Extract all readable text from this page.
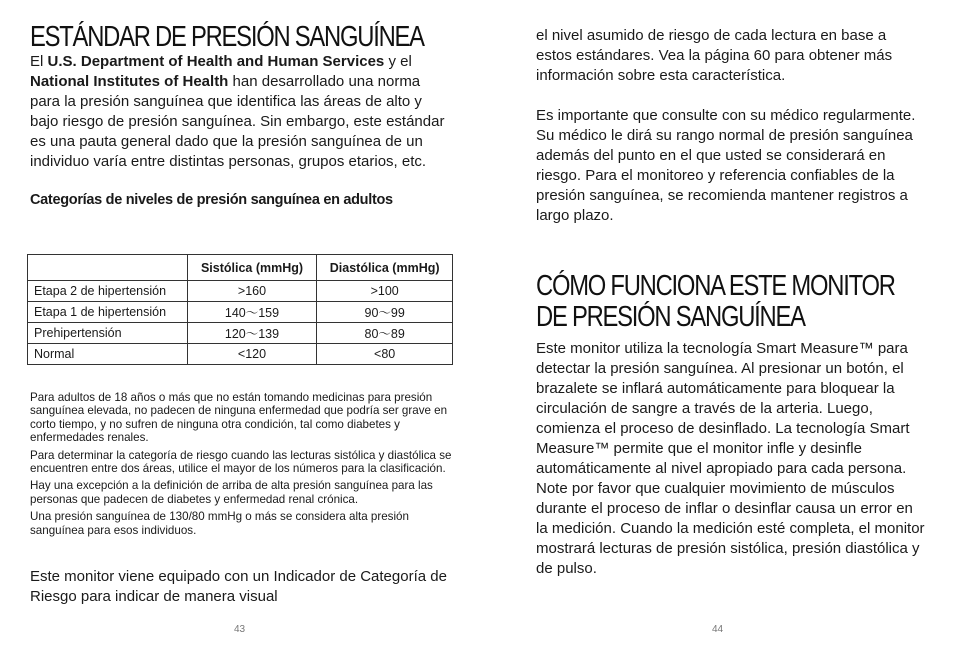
ESTÁNDAR DE PRESIÓN SANGUÍNEA

El U.S. Department of Health and Human Services y el National Institutes of Health han desarrollado una norma para la presión sanguínea que identifica las áreas de alto y bajo riesgo de presión sanguínea. Sin embargo, este estándar es una pauta general dado que la presión sanguínea de un individuo varía entre distintas personas, grupos etarios, etc.

Categorías de niveles de presión sanguínea en adultos

	Sistólica (mmHg)	Diastólica (mmHg)
Etapa 2 de hipertensión	>160	>100
Etapa 1 de hipertensión	140～159	90～99
Prehipertensión	120～139	80～89
Normal	<120	<80

Para adultos de 18 años o más que no están tomando medicinas para presión sanguínea elevada, no padecen de ninguna enfermedad que podría ser grave en corto tiempo, y no sufren de ninguna otra condición, tal como diabetes y enfermedades renales.

Para determinar la categoría de riesgo cuando las lecturas sistólica y diastólica se encuentren entre dos áreas, utilice el mayor de los números para la clasificación.

Hay una excepción a la definición de arriba de alta presión sanguínea para las personas que padecen de diabetes y enfermedad renal crónica.

Una presión sanguínea de 130/80 mmHg o más se considera alta presión sanguínea para esos individuos.

Este monitor viene equipado con un Indicador de Categoría de Riesgo para indicar de manera visual

43

el nivel asumido de riesgo de cada lectura en base a estos estándares. Vea la página 60 para obtener más información sobre esta característica.

Es importante que consulte con su médico regularmente. Su médico le dirá su rango normal de presión sanguínea además del punto en el que usted se considerará en riesgo. Para el monitoreo y referencia confiables de la presión sanguínea, se recomienda mantener registros a largo plazo.

CÓMO FUNCIONA ESTE MONITOR
DE PRESIÓN SANGUÍNEA

Este monitor utiliza la tecnología Smart Measure™ para detectar la presión sanguínea. Al presionar un botón, el brazalete se inflará automáticamente para bloquear la circulación de sangre a través de la arteria. Luego, comienza el proceso de desinflado. La tecnología Smart Measure™ permite que el monitor infle y desinfle automáticamente al nivel apropiado para cada persona. Note por favor que cualquier movimiento de músculos durante el proceso de inflar o desinflar causa un error en la medición. Cuando la medición esté completa, el monitor mostrará lecturas de presión sistólica, presión diastólica y de pulso.

44
